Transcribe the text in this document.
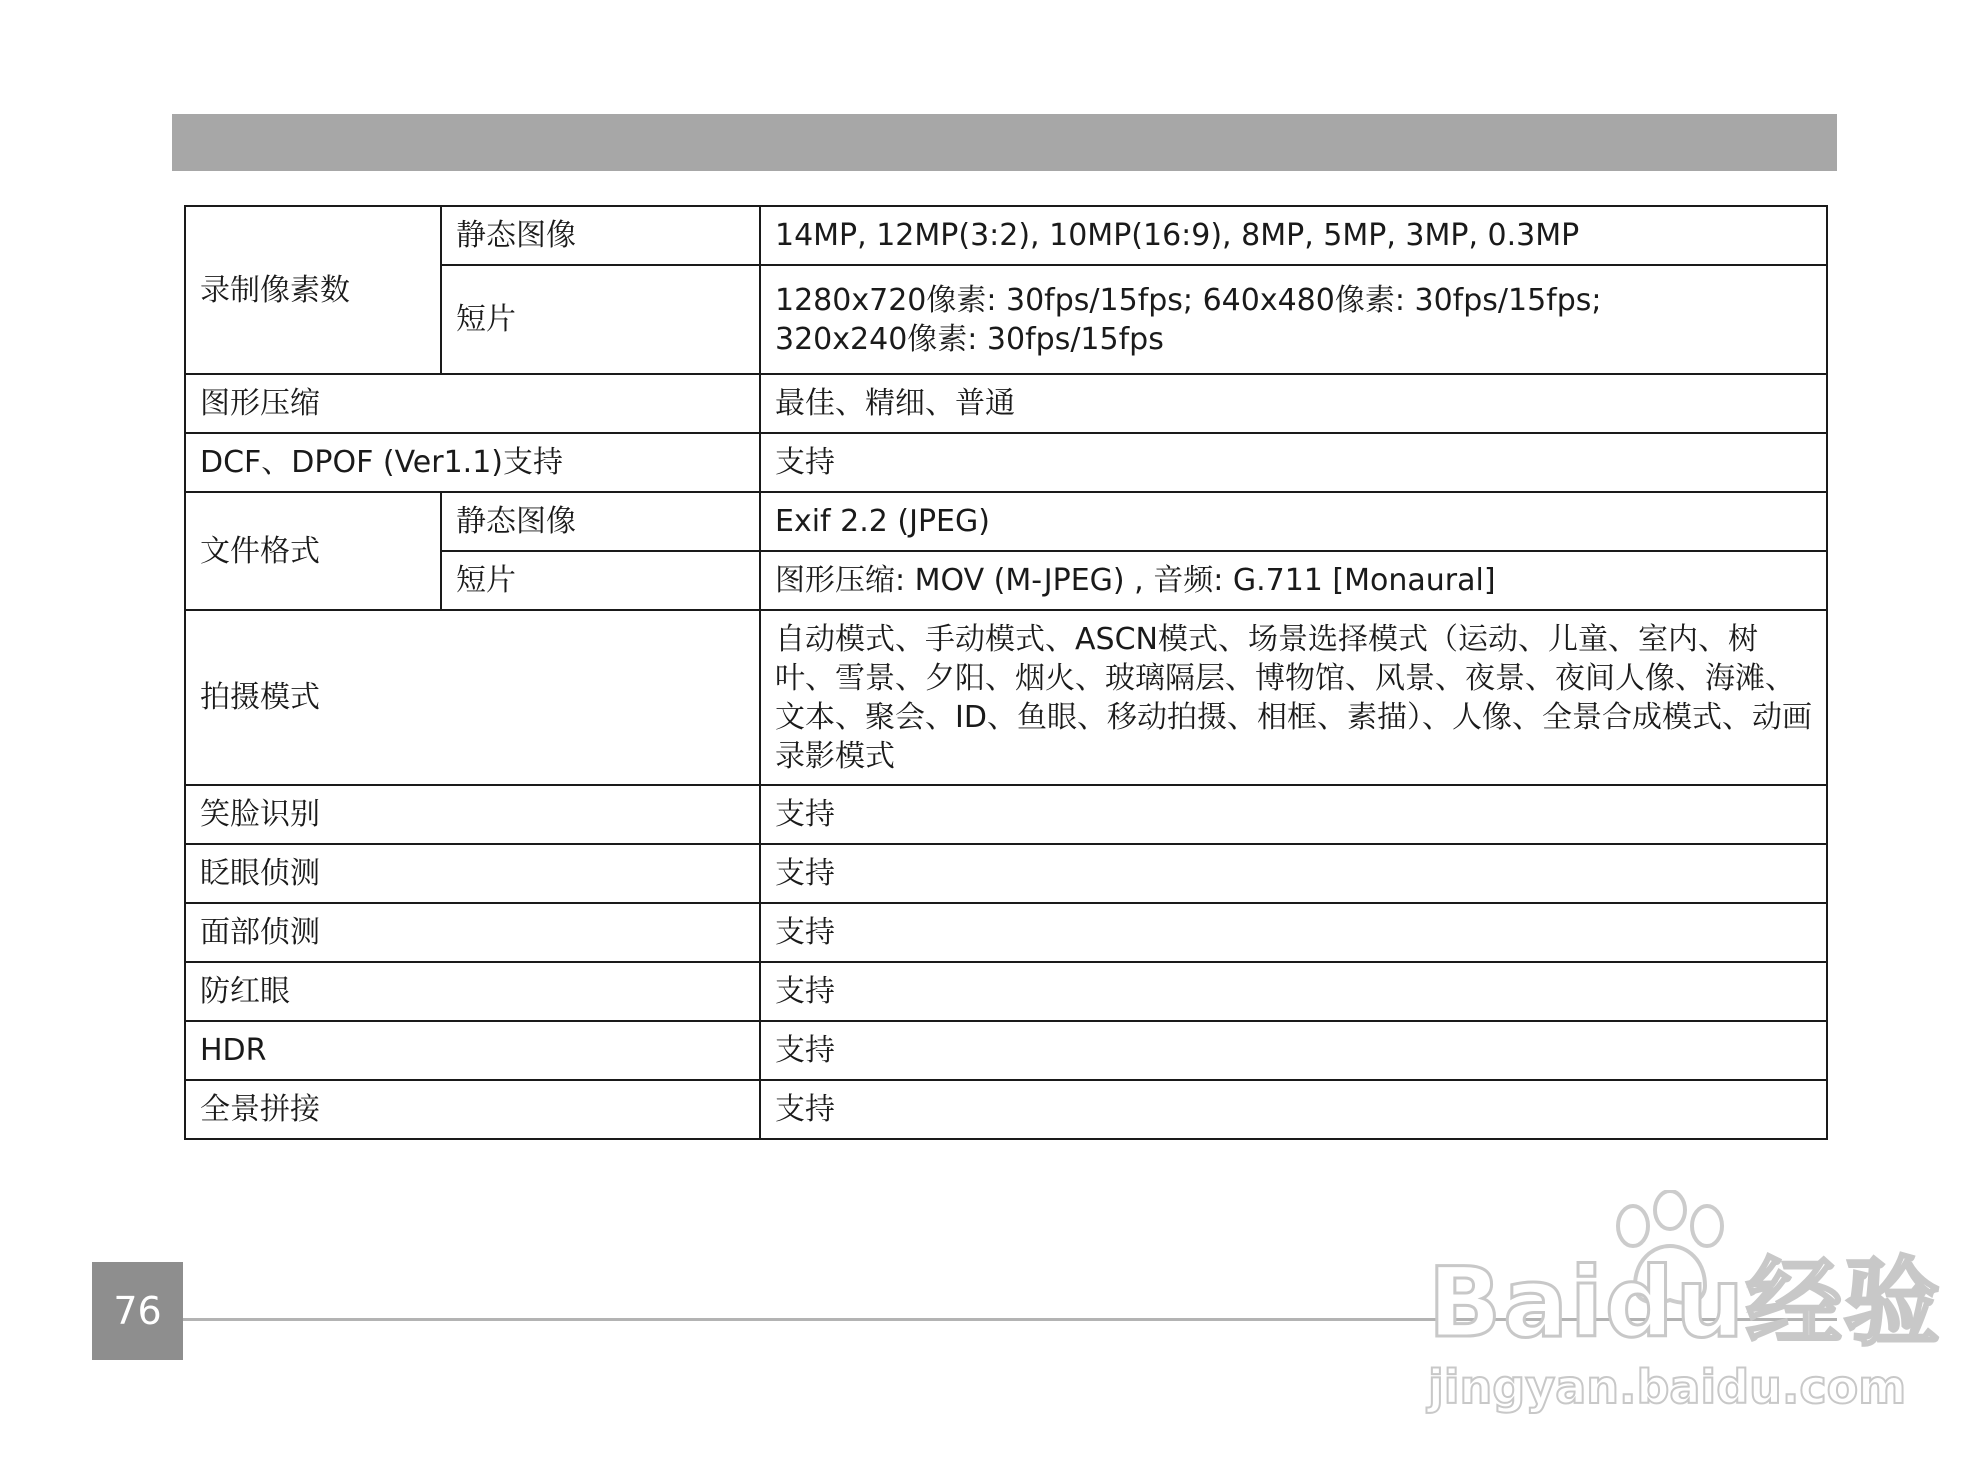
录制像素数	静态图像	14MP, 12MP(3:2), 10MP(16:9), 8MP, 5MP, 3MP, 0.3MP
	短片	1280x720像素: 30fps/15fps; 640x480像素: 30fps/15fps;
320x240像素: 30fps/15fps

图形压缩		最佳、精细、普通
DCF、DPOF (Ver1.1)支持		支持
文件格式	静态图像	Exif 2.2 (JPEG)
	短片	图形压缩: MOV (M-JPEG) , 音频: G.711 [Monaural]
拍摄模式		自动模式、手动模式、ASCN模式、场景选择模式（运动、儿童、室内、树叶、雪景、夕阳、烟火、玻璃隔层、博物馆、风景、夜景、夜间人像、海滩、文本、聚会、ID、鱼眼、移动拍摄、相框、素描）、人像、全景合成模式、动画录影模式
笑脸识别		支持
眨眼侦测		支持
面部侦测		支持
防红眼		支持
HDR		支持
全景拼接		支持
76	Baidu经验
jingyan.baidu.com
